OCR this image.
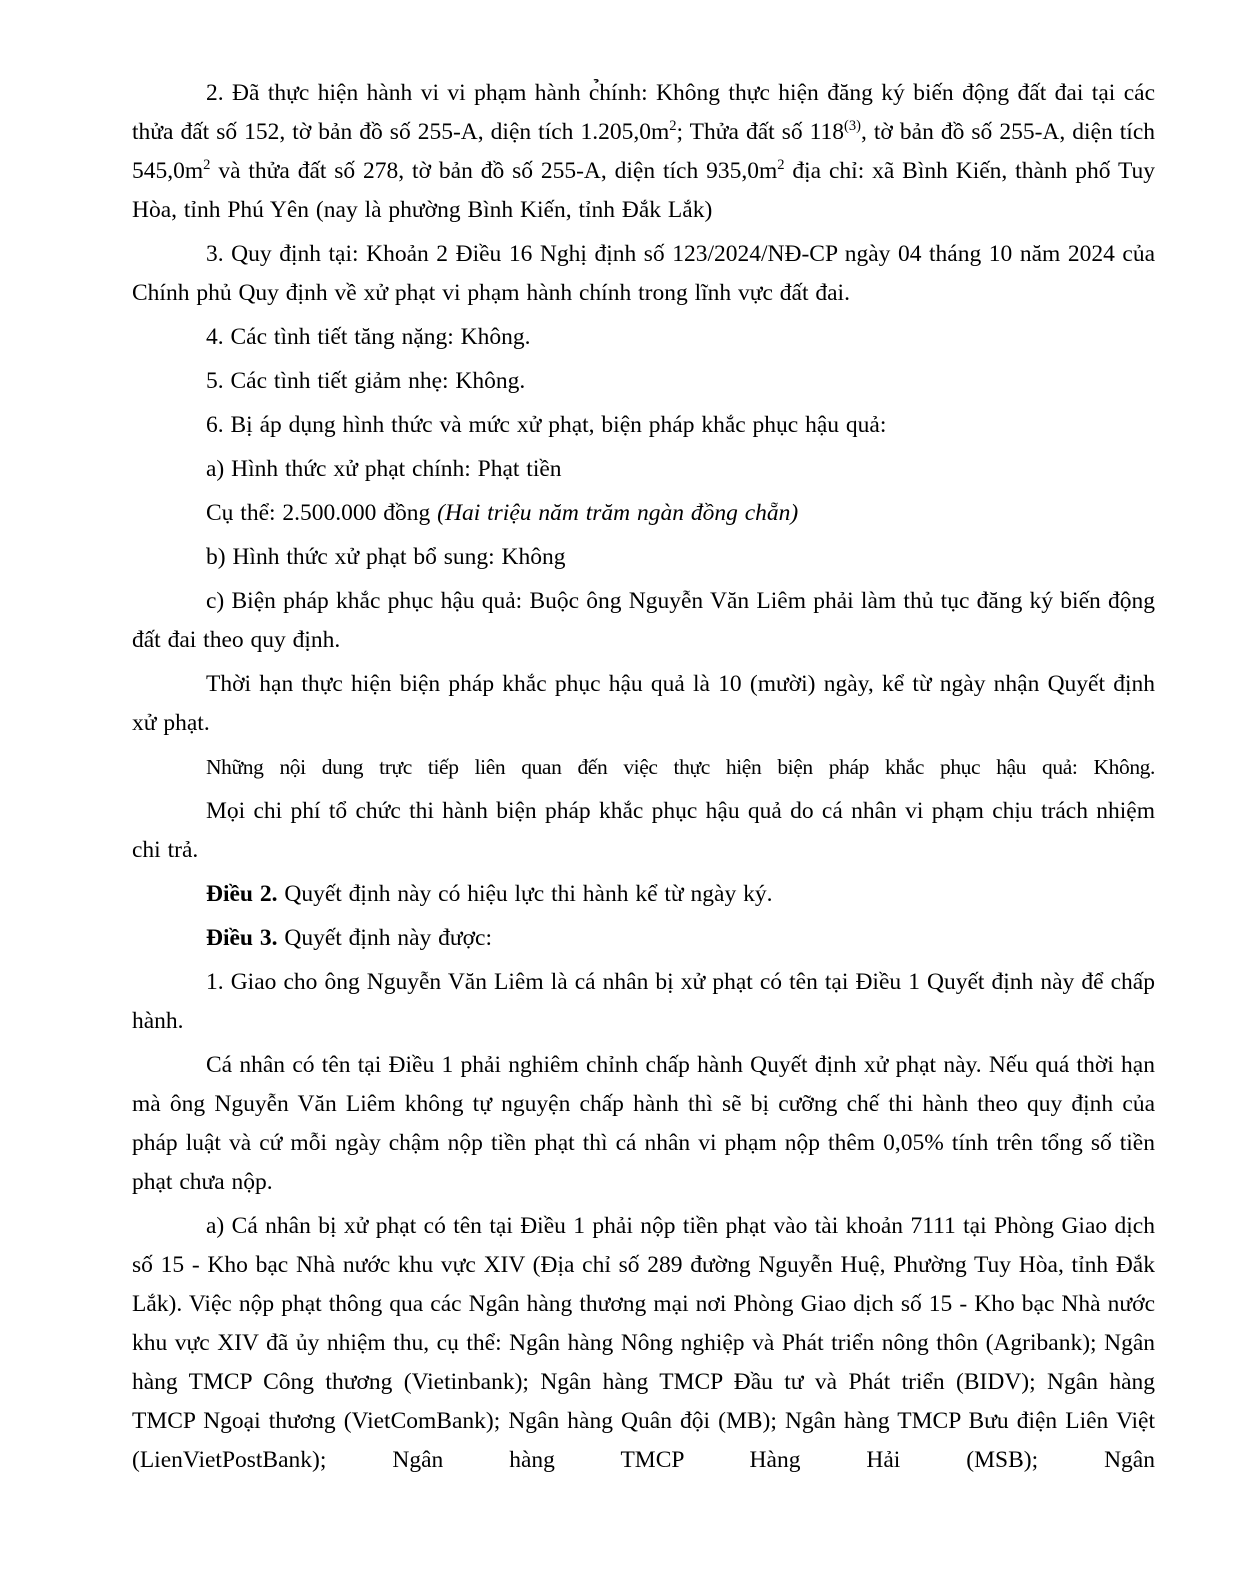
2. Đã thực hiện hành vi vi phạm hành c̉hính: Không thực hiện đăng ký biến động đất đai tại các thửa đất số 152, tờ bản đồ số 255-A, diện tích $1.205,0m^2$; Thửa đất số 118$^{(3)}$, tờ bản đồ số 255-A, diện tích $545,0m^2$ và thửa đất số 278, tờ bản đồ số 255-A, diện tích $935,0m^2$ địa chỉ: xã Bình Kiến, thành phố Tuy Hòa, tỉnh Phú Yên (nay là phường Bình Kiến, tỉnh Đắk Lắk)

3. Quy định tại: Khoản 2 Điều 16 Nghị định số 123/2024/NĐ-CP ngày 04 tháng 10 năm 2024 của Chính phủ Quy định về xử phạt vi phạm hành chính trong lĩnh vực đất đai.

4. Các tình tiết tăng nặng: Không.

5. Các tình tiết giảm nhẹ: Không.

6. Bị áp dụng hình thức và mức xử phạt, biện pháp khắc phục hậu quả:

a) Hình thức xử phạt chính: Phạt tiền

Cụ thể: 2.500.000 đồng (Hai triệu năm trăm ngàn đồng chẵn)

b) Hình thức xử phạt bổ sung: Không

c) Biện pháp khắc phục hậu quả: Buộc ông Nguyễn Văn Liêm phải làm thủ tục đăng ký biến động đất đai theo quy định.

Thời hạn thực hiện biện pháp khắc phục hậu quả là 10 (mười) ngày, kể từ ngày nhận Quyết định xử phạt.

Những nội dung trực tiếp liên quan đến việc thực hiện biện pháp khắc phục hậu quả: Không.

Mọi chi phí tổ chức thi hành biện pháp khắc phục hậu quả do cá nhân vi phạm chịu trách nhiệm chi trả.

Điều 2. Quyết định này có hiệu lực thi hành kể từ ngày ký.

Điều 3. Quyết định này được:

1. Giao cho ông Nguyễn Văn Liêm là cá nhân bị xử phạt có tên tại Điều 1 Quyết định này để chấp hành.

Cá nhân có tên tại Điều 1 phải nghiêm chỉnh chấp hành Quyết định xử phạt này. Nếu quá thời hạn mà ông Nguyễn Văn Liêm không tự nguyện chấp hành thì sẽ bị cưỡng chế thi hành theo quy định của pháp luật và cứ mỗi ngày chậm nộp tiền phạt thì cá nhân vi phạm nộp thêm 0,05% tính trên tổng số tiền phạt chưa nộp.

a) Cá nhân bị xử phạt có tên tại Điều 1 phải nộp tiền phạt vào tài khoản 7111 tại Phòng Giao dịch số 15 - Kho bạc Nhà nước khu vực XIV (Địa chỉ số 289 đường Nguyễn Huệ, Phường Tuy Hòa, tỉnh Đắk Lắk). Việc nộp phạt thông qua các Ngân hàng thương mại nơi Phòng Giao dịch số 15 - Kho bạc Nhà nước khu vực XIV đã ủy nhiệm thu, cụ thể: Ngân hàng Nông nghiệp và Phát triển nông thôn (Agribank); Ngân hàng TMCP Công thương (Vietinbank); Ngân hàng TMCP Đầu tư và Phát triển (BIDV); Ngân hàng TMCP Ngoại thương (VietComBank); Ngân hàng Quân đội (MB); Ngân hàng TMCP Bưu điện Liên Việt (LienVietPostBank); Ngân hàng TMCP Hàng Hải (MSB); Ngân
